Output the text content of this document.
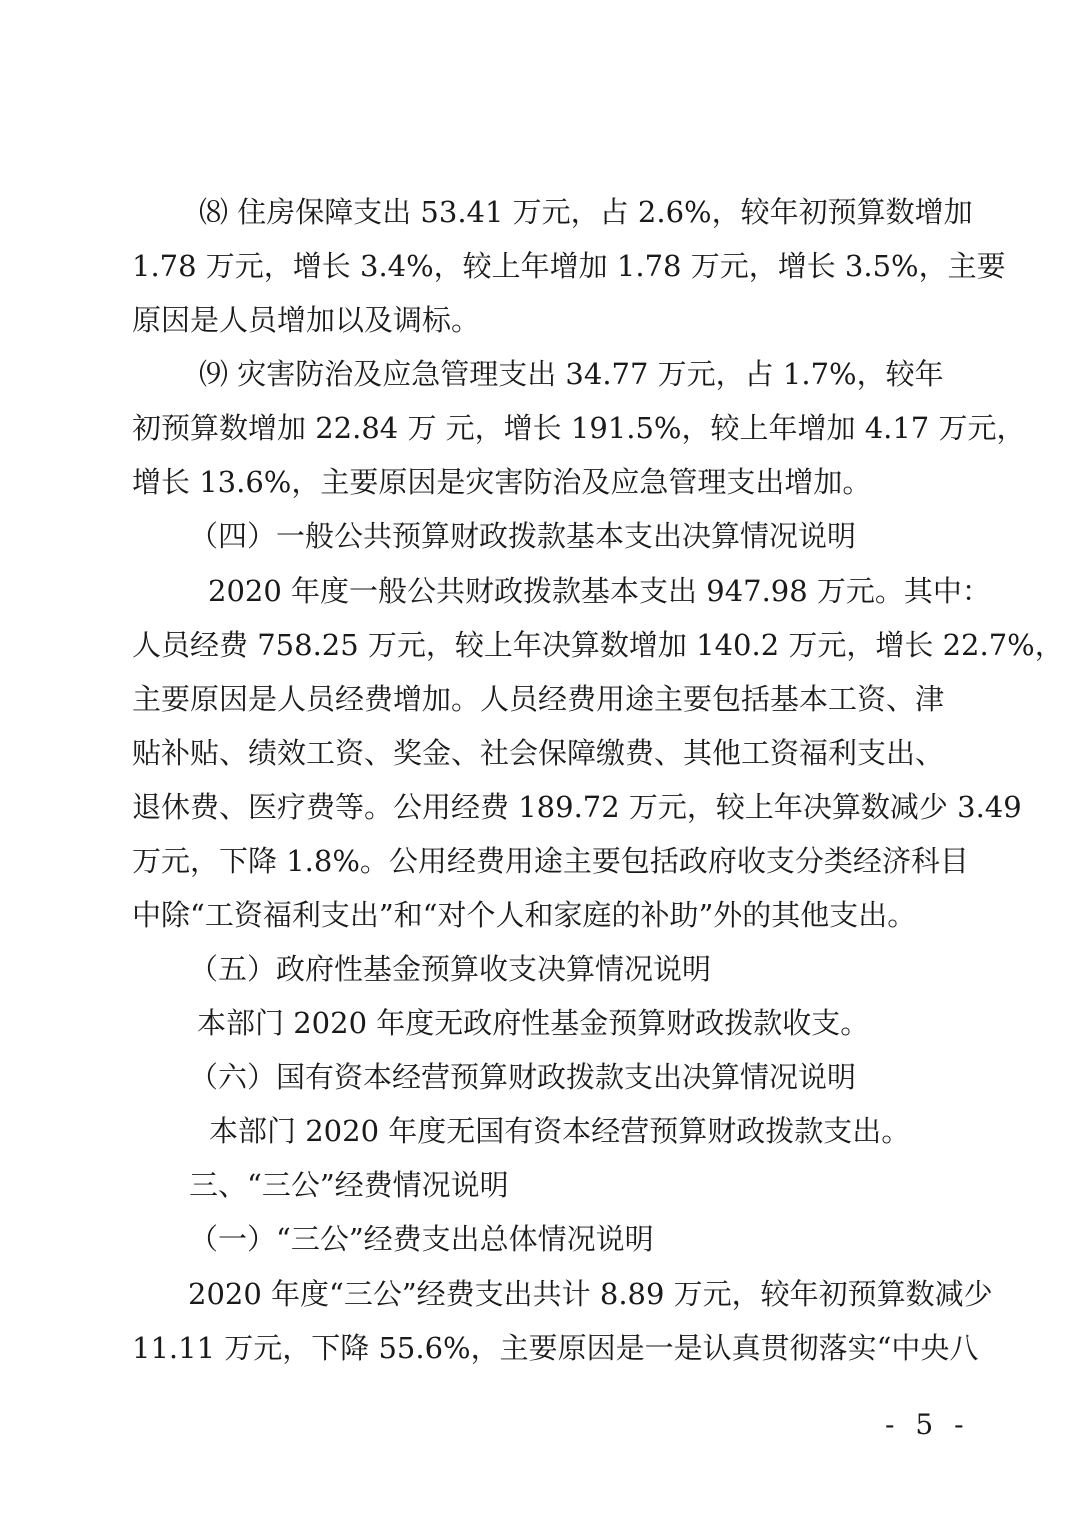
⑻ 住房保障支出 53.41 万元，占 2.6%，较年初预算数增加
1.78 万元，增长 3.4%，较上年增加 1.78 万元，增长 3.5%，主要
原因是人员增加以及调标。
⑼ 灾害防治及应急管理支出 34.77 万元，占 1.7%，较年
初预算数增加 22.84 万 元，增长 191.5%，较上年增加 4.17 万元，
增长 13.6%，主要原因是灾害防治及应急管理支出增加。
（四）一般公共预算财政拨款基本支出决算情况说明
2020 年度一般公共财政拨款基本支出 947.98 万元。其中：
人员经费 758.25 万元，较上年决算数增加 140.2 万元，增长 22.7%，
主要原因是人员经费增加。人员经费用途主要包括基本工资、津
贴补贴、绩效工资、奖金、社会保障缴费、其他工资福利支出、
退休费、医疗费等。公用经费 189.72 万元，较上年决算数减少 3.49
万元，下降 1.8%。公用经费用途主要包括政府收支分类经济科目
中除“工资福利支出”和“对个人和家庭的补助”外的其他支出。
（五）政府性基金预算收支决算情况说明
本部门 2020 年度无政府性基金预算财政拨款收支。
（六）国有资本经营预算财政拨款支出决算情况说明
本部门 2020 年度无国有资本经营预算财政拨款支出。
三、“三公”经费情况说明
（一）“三公”经费支出总体情况说明
2020 年度“三公”经费支出共计 8.89 万元，较年初预算数减少
11.11 万元，下降 55.6%，主要原因是一是认真贯彻落实“中央八
- 5 -
